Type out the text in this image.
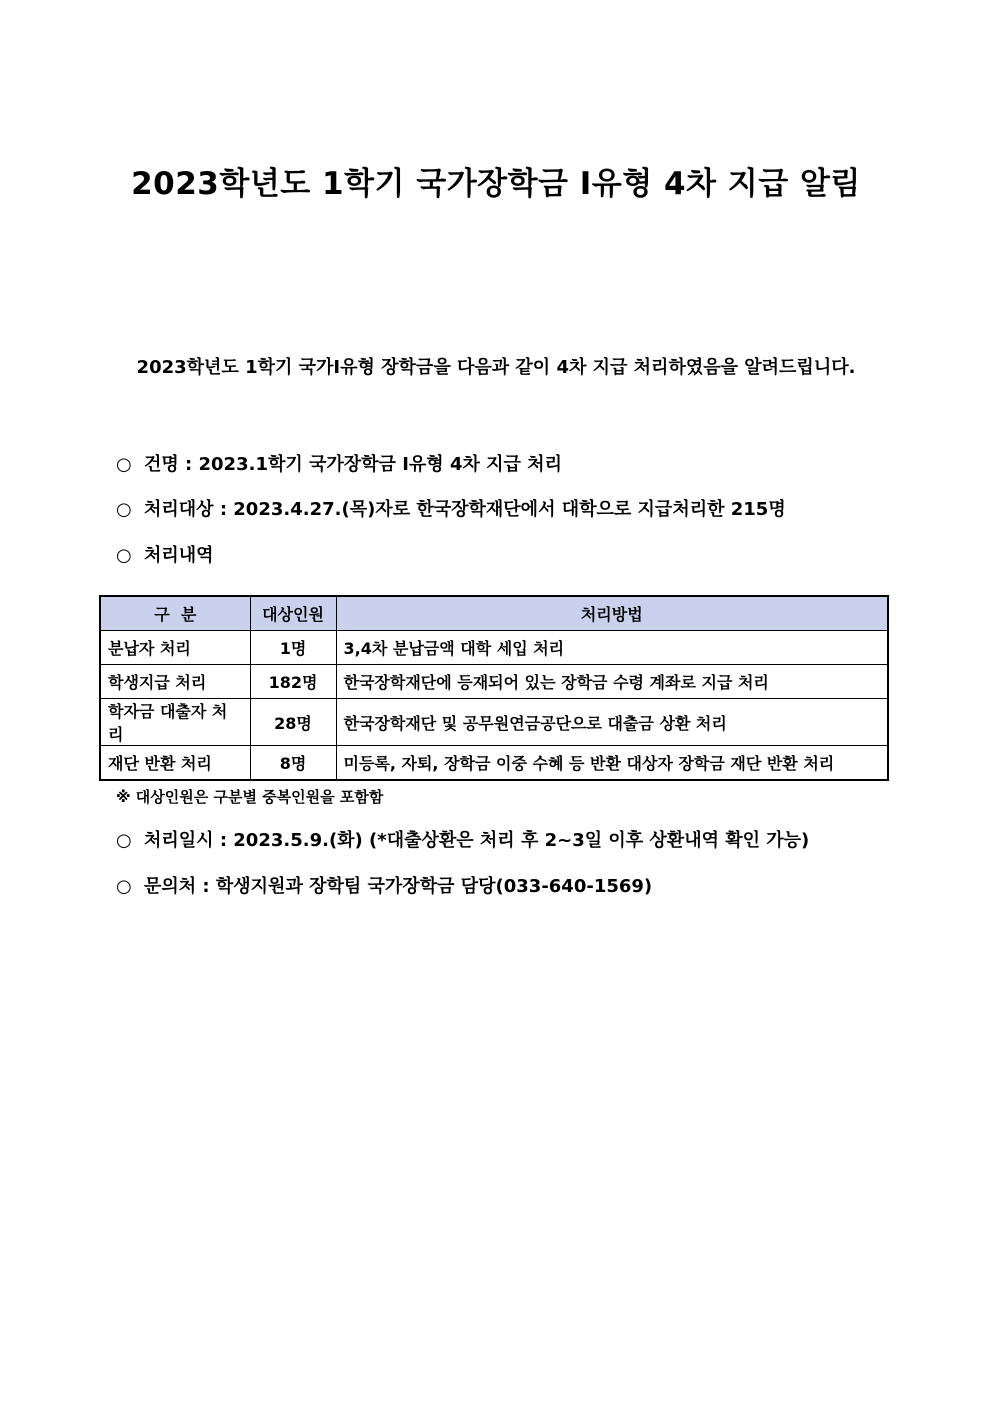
2023학년도 1학기 국가장학금 Ⅰ유형 4차 지급 알림

2023학년도 1학기 국가Ⅰ유형 장학금을 다음과 같이 4차 지급 처리하였음을 알려드립니다.

○ 건명 : 2023.1학기 국가장학금 Ⅰ유형 4차 지급 처리
○ 처리대상 : 2023.4.27.(목)자로 한국장학재단에서 대학으로 지급처리한 215명
○ 처리내역
구  분	대상인원	처리방법
분납자 처리	1명	3,4차 분납금액 대학 세입 처리
학생지급 처리	182명	한국장학재단에 등재되어 있는 장학금 수령 계좌로 지급 처리
학자금 대출자 처리	28명	한국장학재단 및 공무원연금공단으로 대출금 상환 처리
재단 반환 처리	8명	미등록, 자퇴, 장학금 이중 수혜 등 반환 대상자 장학금 재단 반환 처리
※ 대상인원은 구분별 중복인원을 포함함
○ 처리일시 : 2023.5.9.(화) (*대출상환은 처리 후 2~3일 이후 상환내역 확인 가능)
○ 문의처 : 학생지원과 장학팀 국가장학금 담당(033-640-1569)
